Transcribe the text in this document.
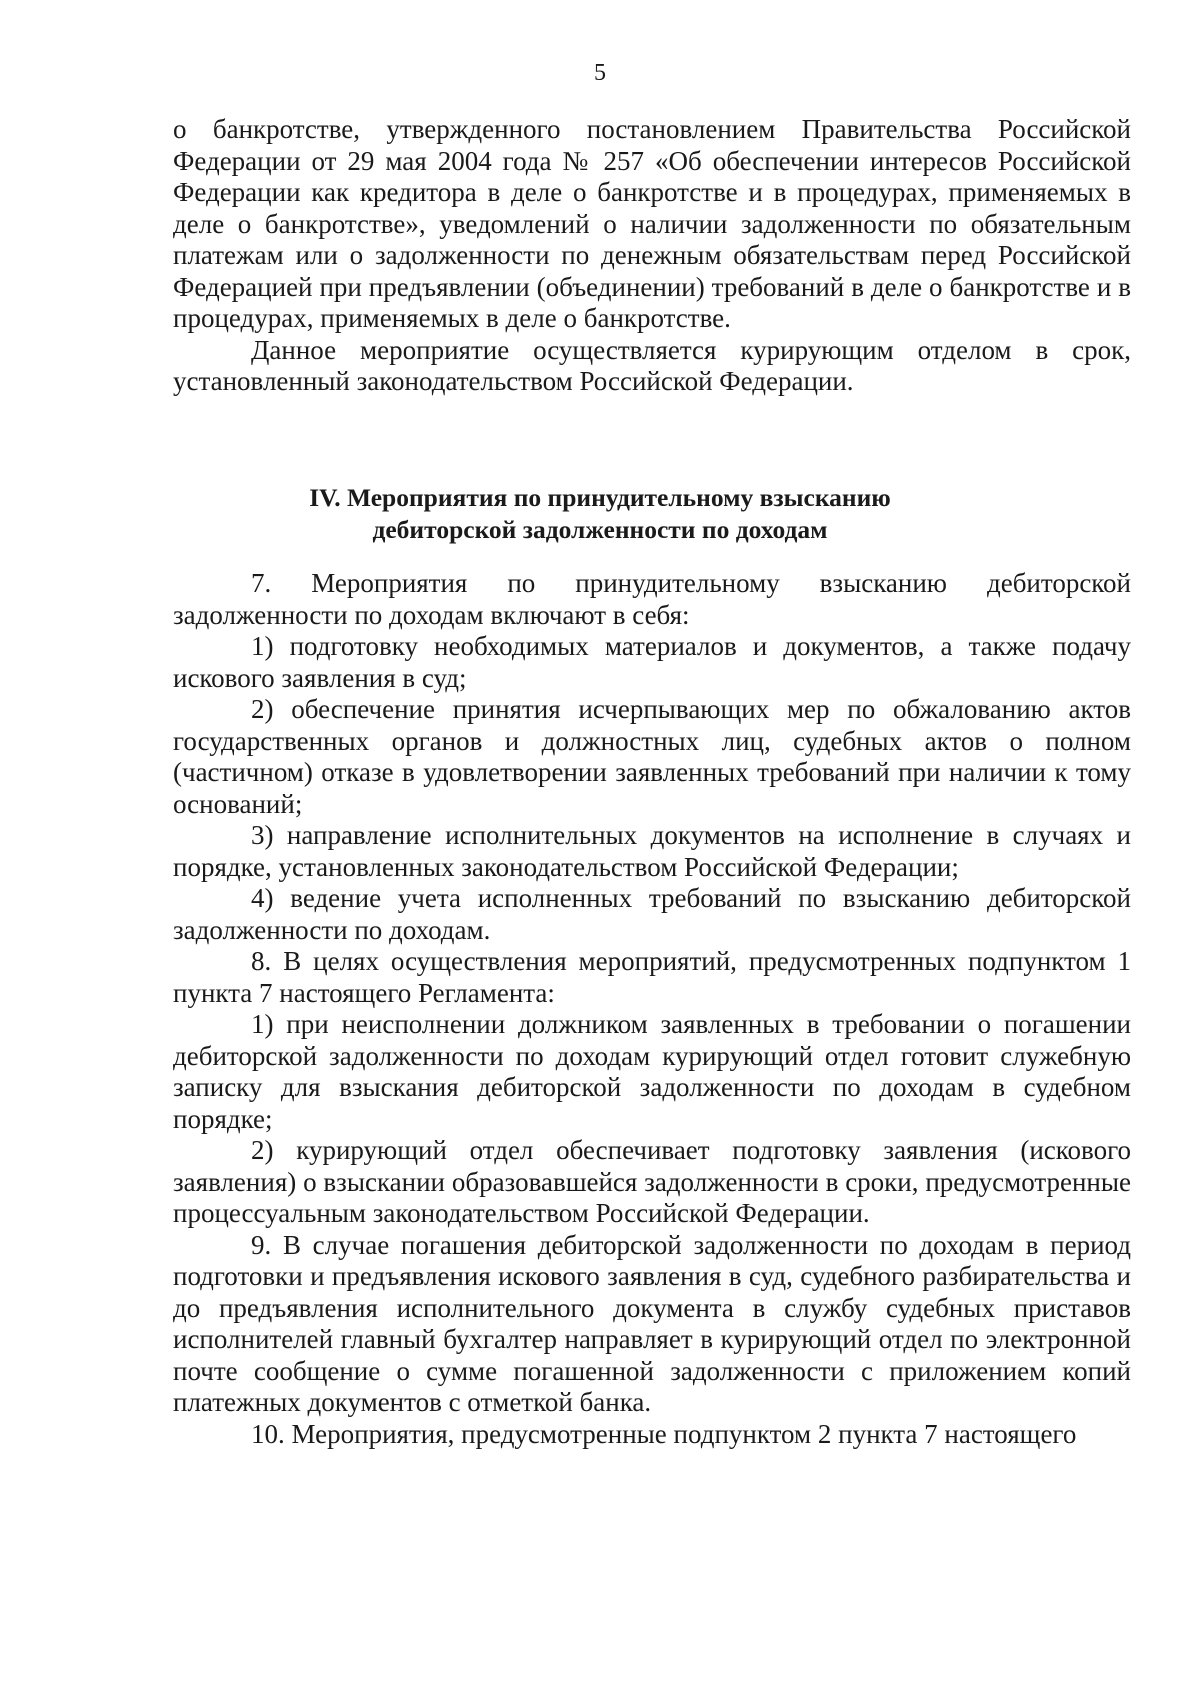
5

о банкротстве, утвержденного постановлением Правительства Российской Федерации от 29 мая 2004 года № 257 «Об обеспечении интересов Российской Федерации как кредитора в деле о банкротстве и в процедурах, применяемых в деле о банкротстве», уведомлений о наличии задолженности по обязательным платежам или о задолженности по денежным обязательствам перед Российской Федерацией при предъявлении (объединении) требований в деле о банкротстве и в процедурах, применяемых в деле о банкротстве.

Данное мероприятие осуществляется курирующим отделом в срок, установленный законодательством Российской Федерации.

IV. Мероприятия по принудительному взысканию
дебиторской задолженности по доходам

7. Мероприятия по принудительному взысканию дебиторской задолженности по доходам включают в себя:

1) подготовку необходимых материалов и документов, а также подачу искового заявления в суд;

2) обеспечение принятия исчерпывающих мер по обжалованию актов государственных органов и должностных лиц, судебных актов о полном (частичном) отказе в удовлетворении заявленных требований при наличии к тому оснований;

3) направление исполнительных документов на исполнение в случаях и порядке, установленных законодательством Российской Федерации;

4) ведение учета исполненных требований по взысканию дебиторской задолженности по доходам.

8. В целях осуществления мероприятий, предусмотренных подпунктом 1 пункта 7 настоящего Регламента:

1) при неисполнении должником заявленных в требовании о погашении дебиторской задолженности по доходам курирующий отдел готовит служебную записку для взыскания дебиторской задолженности по доходам в судебном порядке;

2) курирующий отдел обеспечивает подготовку заявления (искового заявления) о взыскании образовавшейся задолженности в сроки, предусмотренные процессуальным законодательством Российской Федерации.

9. В случае погашения дебиторской задолженности по доходам в период подготовки и предъявления искового заявления в суд, судебного разбирательства и до предъявления исполнительного документа в службу судебных приставов исполнителей главный бухгалтер направляет в курирующий отдел по электронной почте сообщение о сумме погашенной задолженности с приложением копий платежных документов с отметкой банка.

10. Мероприятия, предусмотренные подпунктом 2 пункта 7 настоящего
